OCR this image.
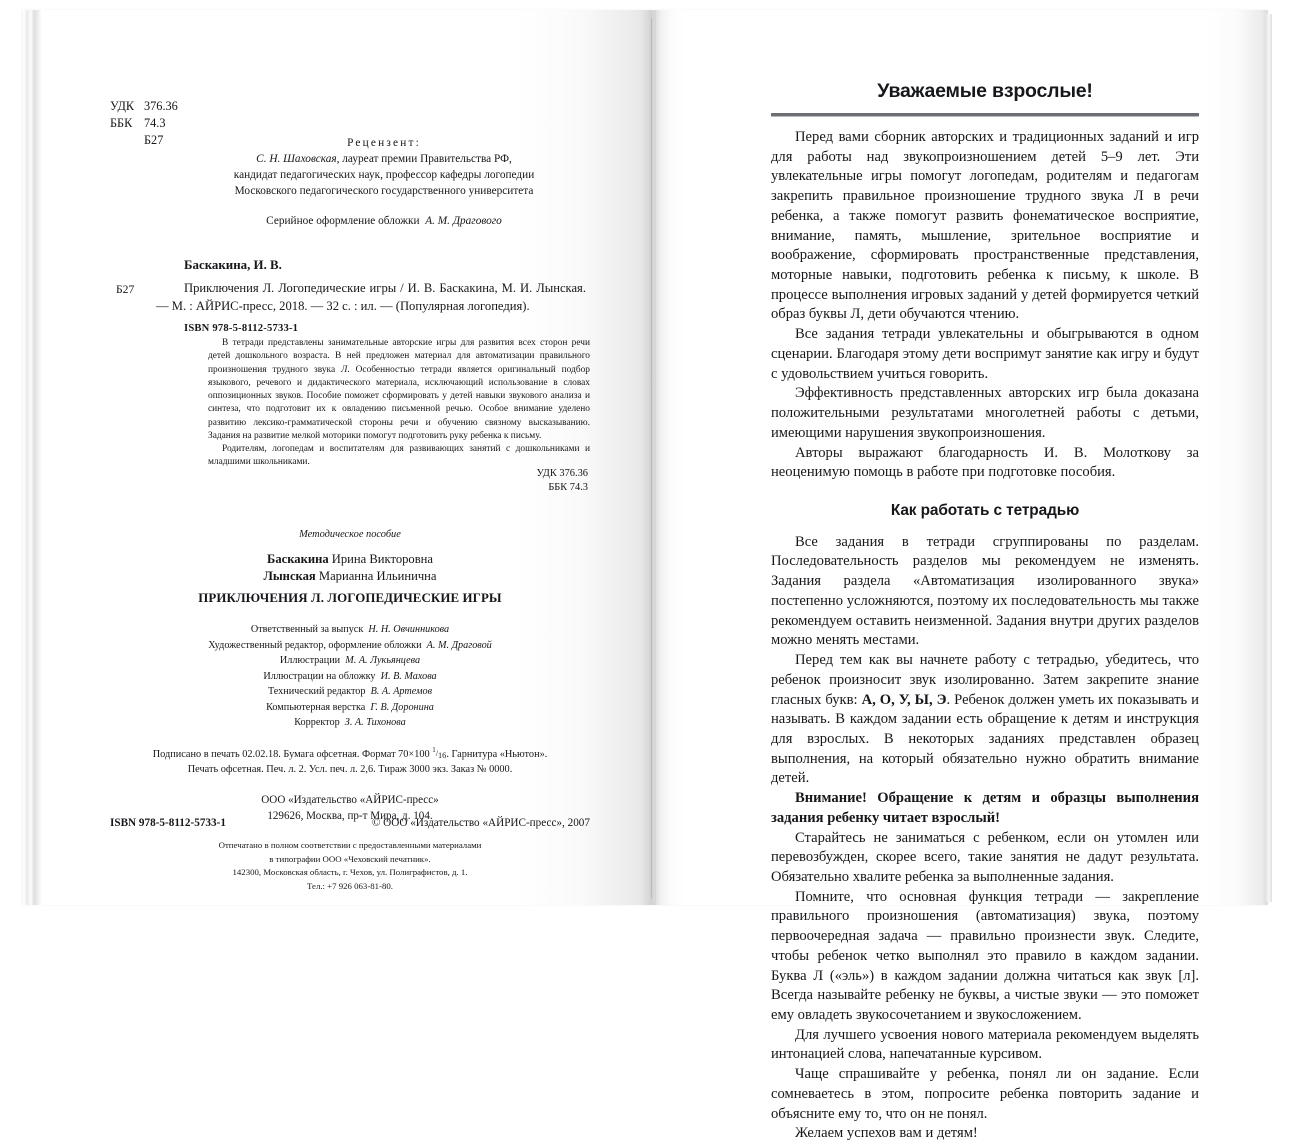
УДК 376.36
ББК 74.3
Б27	Рецензент:
С. Н. Шаховская, лауреат премии Правительства РФ,
кандидат педагогических наук, профессор кафедры логопедии
Московского педагогического государственного университета
Серийное оформление обложки А. М. Драгового
Баскакина, И. В.
Б27	Приключения Л. Логопедические игры / И. В. Баскакина, М. И. Лынская. — М. : АЙРИС-пресс, 2018. — 32 с. : ил. — (Популярная логопедия).
ISBN 978-5-8112-5733-1

В тетради представлены занимательные авторские игры для развития всех сторон речи детей дошкольного возраста. В ней предложен материал для автоматизации правильного произношения трудного звука Л. Особенностью тетради является оригинальный подбор языкового, речевого и дидактического материала, исключающий использование в словах оппозиционных звуков. Пособие поможет сформировать у детей навыки звукового анализа и синтеза, что подготовит их к овладению письменной речью. Особое внимание уделено развитию лексико-грамматической стороны речи и обучению связному высказыванию. Задания на развитие мелкой моторики помогут подготовить руку ребенка к письму.

Родителям, логопедам и воспитателям для развивающих занятий с дошкольниками и младшими школьниками.

УДК 376.36
ББК 74.3
Методическое пособие
Баскакина Ирина Викторовна
Лынская Марианна Ильинична
ПРИКЛЮЧЕНИЯ Л. ЛОГОПЕДИЧЕСКИЕ ИГРЫ
Ответственный за выпуск Н. Н. Овчинникова
Художественный редактор, оформление обложки А. М. Драговой
Иллюстрации М. А. Лукьянцева
Иллюстрации на обложку И. В. Махова
Технический редактор В. А. Артемов
Компьютерная верстка Г. В. Доронина
Корректор З. А. Тихонова
Подписано в печать 02.02.18. Бумага офсетная. Формат 70×100 $^1/_{16}$. Гарнитура «Ньютон».
Печать офсетная. Печ. л. 2. Усл. печ. л. 2,6. Тираж 3000 экз. Заказ № 0000.
ООО «Издательство «АЙРИС-пресс»
129626, Москва, пр-т Мира, д. 104.
Отпечатано в полном соответствии с предоставленными материалами
в типографии ООО «Чеховский печатник».
142300, Московская область, г. Чехов, ул. Полиграфистов, д. 1.
Тел.: +7 926 063-81-80.
ISBN 978-5-8112-5733-1	© ООО «Издательство «АЙРИС-пресс», 2007
Уважаемые взрослые!

Перед вами сборник авторских и традиционных заданий и игр для работы над звукопроизношением детей 5–9 лет. Эти увлекательные игры помогут логопедам, родителям и педагогам закрепить правильное произношение трудного звука Л в речи ребенка, а также помогут развить фонематическое восприятие, внимание, память, мышление, зрительное восприятие и воображение, сформировать пространственные представления, моторные навыки, подготовить ребенка к письму, к школе. В процессе выполнения игровых заданий у детей формируется четкий образ буквы Л, дети обучаются чтению.

Все задания тетради увлекательны и обыгрываются в одном сценарии. Благодаря этому дети воспримут занятие как игру и будут с удовольствием учиться говорить.

Эффективность представленных авторских игр была доказана положительными результатами многолетней работы с детьми, имеющими нарушения звукопроизношения.

Авторы выражают благодарность И. В. Молоткову за неоценимую помощь в работе при подготовке пособия.

Как работать с тетрадью

Все задания в тетради сгруппированы по разделам. Последовательность разделов мы рекомендуем не изменять. Задания раздела «Автоматизация изолированного звука» постепенно усложняются, поэтому их последовательность мы также рекомендуем оставить неизменной. Задания внутри других разделов можно менять местами.

Перед тем как вы начнете работу с тетрадью, убедитесь, что ребенок произносит звук изолированно. Затем закрепите знание гласных букв: А, О, У, Ы, Э. Ребенок должен уметь их показывать и называть. В каждом задании есть обращение к детям и инструкция для взрослых. В некоторых заданиях представлен образец выполнения, на который обязательно нужно обратить внимание детей.

Внимание! Обращение к детям и образцы выполнения задания ребенку читает взрослый!

Старайтесь не заниматься с ребенком, если он утомлен или перевозбужден, скорее всего, такие занятия не дадут результата. Обязательно хвалите ребенка за выполненные задания.

Помните, что основная функция тетради — закрепление правильного произношения (автоматизация) звука, поэтому первоочередная задача — правильно произнести звук. Следите, чтобы ребенок четко выполнял это правило в каждом задании. Буква Л («эль») в каждом задании должна читаться как звук [л]. Всегда называйте ребенку не буквы, а чистые звуки — это поможет ему овладеть звукосочетанием и звукосложением.

Для лучшего усвоения нового материала рекомендуем выделять интонацией слова, напечатанные курсивом.

Чаще спрашивайте у ребенка, понял ли он задание. Если сомневаетесь в этом, попросите ребенка повторить задание и объясните ему то, что он не понял.

Желаем успехов вам и детям!
